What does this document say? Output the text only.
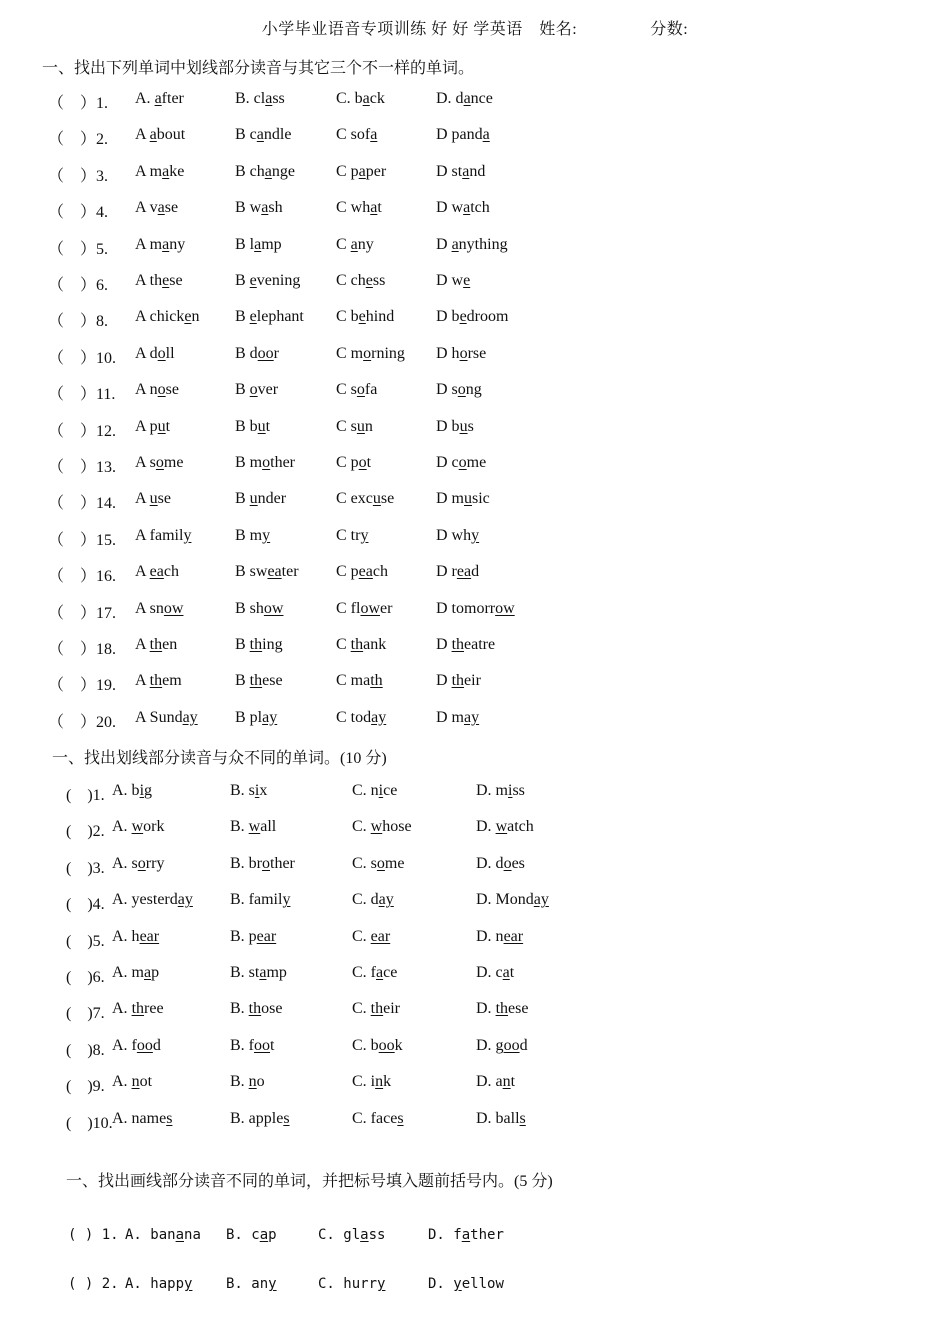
小学毕业语音专项训练 好 好 学英语 姓名:	分数:
一、找出下列单词中划线部分读音与其它三个不一样的单词。
（　）1. A. after	B. class	C. back	D. dance
（　）2. A about	B candle	C sofa	D panda
（　）3. A make	B change	C paper	D stand
（　）4. A vase	B wash	C what	D watch
（　）5. A many	B lamp	C any	D anything
（　）6. A these	B evening C chess	D we
（　）8. A chicken B elephant C behind	D bedroom
（　）10. A doll	B door	C morning D horse
（　）11. A nose	B over	C sofa	D song
（　）12. A put	B but	C sun	D bus
（　）13. A some	B mother	C pot	D come
（　）14. A use	B under	C excuse	D music
（　）15. A family	B my	C try	D why
（　）16. A each	B sweater C peach	D read
（　）17. A snow	B show	C flower	D tomorrow
（　）18. A then	B thing	C thank	D theatre
（　）19. A them	B these	C math	D their
（　）20. A Sunday B play	C today	D may
一、找出划线部分读音与众不同的单词。(10 分)
(　)1. A. big	B. six	C. nice	D. miss
(　)2. A. work	B. wall	C. whose	D. watch
(　)3. A. sorry	B. brother	C. some	D. does
(　)4. A. yesterday B. family	C. day	D. Monday
(　)5. A. hear	B. pear	C. ear	D. near
(　)6. A. map	B. stamp	C. face	D. cat
(　)7. A. three	B. those	C. their	D. these
(　)8. A. food	B. foot	C. book	D. good
(　)9. A. not	B. no	C. ink	D. ant
(　)10. A. names	B. apples	C. faces	D. balls
一、找出画线部分读音不同的单词，并把标号填入题前括号内。(5 分)
( ) 1. A. banana B. cap	C. glass	D. father
( ) 2. A. happy B. any	C. hurry	D. yellow
